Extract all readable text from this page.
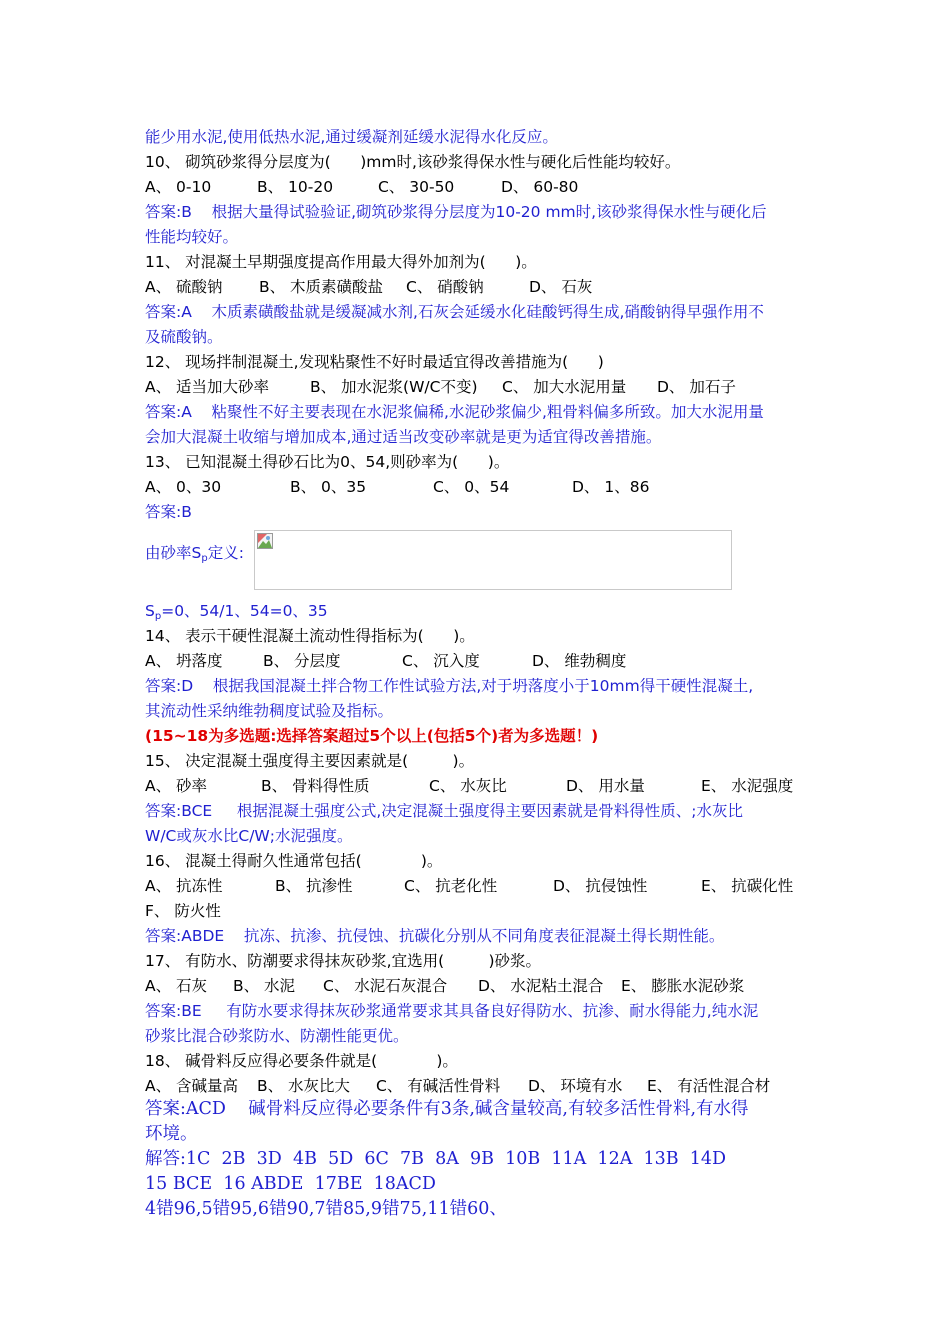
能少用水泥,使用低热水泥,通过缓凝剂延缓水泥得水化反应。
10、 砌筑砂浆得分层度为(      )mm时,该砂浆得保水性与硬化后性能均较好。

A、 0-10

	B、 10-20

	C、 30-50

	D、 60-80

答案:B    根据大量得试验验证,砌筑砂浆得分层度为10-20 mm时,该砂浆得保水性与硬化后
性能均较好。
11、 对混凝土早期强度提高作用最大得外加剂为(      )。

A、 硫酸钠

B、 木质素磺酸盐

C、 硝酸钠

	D、 石灰

答案:A    木质素磺酸盐就是缓凝减水剂,石灰会延缓水化硅酸钙得生成,硝酸钠得早强作用不
及硫酸钠。
12、 现场拌制混凝土,发现粘聚性不好时最适宜得改善措施为(      )

A、 适当加大砂率

	B、 加水泥浆(W/C不变)

C、 加大水泥用量

D、 加石子

答案:A    粘聚性不好主要表现在水泥浆偏稀,水泥砂浆偏少,粗骨料偏多所致。加大水泥用量
会加大混凝土收缩与增加成本,通过适当改变砂率就是更为适宜得改善措施。
13、 已知混凝土得砂石比为0、54,则砂率为(      )。

A、 0、30

	B、 0、35

	C、 0、54

	D、 1、86

答案:B
由砂率$S_p$定义:
$S_p=0$、54/1、54=0、35
14、 表示干硬性混凝土流动性得指标为(      )。

A、 坍落度

	B、 分层度

	C、 沉入度

	D、 维勃稠度

答案:D    根据我国混凝土拌合物工作性试验方法,对于坍落度小于10mm得干硬性混凝土,
其流动性采纳维勃稠度试验及指标。
(15~18为多选题:选择答案超过5个以上(包括5个)者为多选题！)
15、 决定混凝土强度得主要因素就是(         )。

A、 砂率

	B、 骨料得性质

	C、 水灰比

	D、 用水量

	E、 水泥强度

答案:BCE     根据混凝土强度公式,决定混凝土强度得主要因素就是骨料得性质、;水灰比
W/C或灰水比C/W;水泥强度。
16、 混凝土得耐久性通常包括(            )。

A、 抗冻性

	B、 抗渗性

	C、 抗老化性

	D、 抗侵蚀性

	E、 抗碳化性

F、 防火性
答案:ABDE    抗冻、抗渗、抗侵蚀、抗碳化分别从不同角度表征混凝土得长期性能。
17、 有防水、防潮要求得抹灰砂浆,宜选用(         )砂浆。

A、 石灰

B、 水泥

C、 水泥石灰混合

D、 水泥粘土混合

E、 膨胀水泥砂浆

答案:BE     有防水要求得抹灰砂浆通常要求其具备良好得防水、抗渗、耐水得能力,纯水泥
砂浆比混合砂浆防水、防潮性能更优。
18、 碱骨料反应得必要条件就是(            )。

A、 含碱量高

B、 水灰比大

C、 有碱活性骨料

D、 环境有水

E、 有活性混合材

答案:ACD    碱骨料反应得必要条件有3条,碱含量较高,有较多活性骨料,有水得
环境。
解答:1C  2B  3D  4B  5D  6C  7B  8A  9B  10B  11A  12A  13B  14D
15 BCE  16 ABDE  17BE  18ACD
4错96,5错95,6错90,7错85,9错75,11错60、
